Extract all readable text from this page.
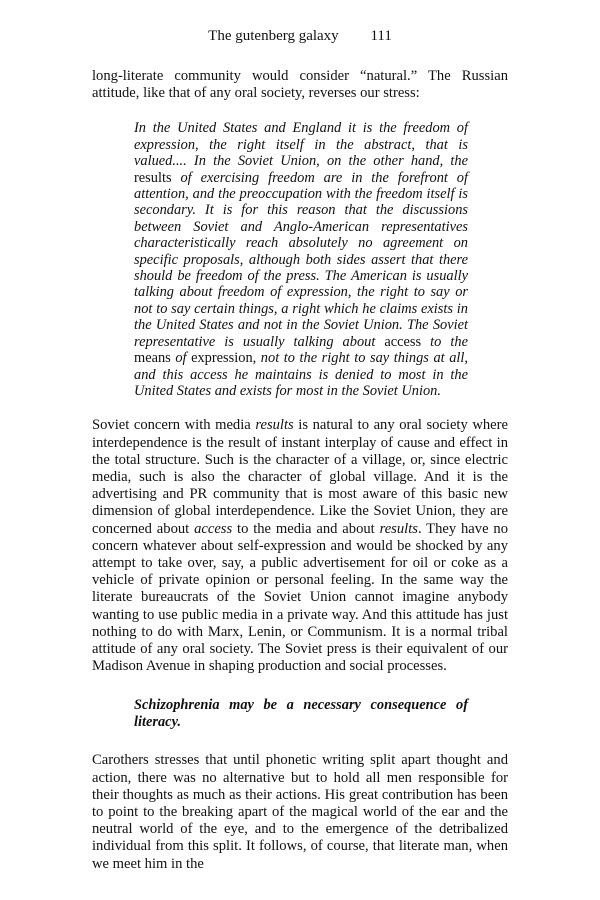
The gutenberg galaxy 111

long-literate community would consider “natural.” The Russian attitude, like that of any oral society, reverses our stress:

In the United States and England it is the freedom of expression, the right itself in the abstract, that is valued.... In the Soviet Union, on the other hand, the results of exercising freedom are in the forefront of attention, and the preoccupation with the freedom itself is secondary. It is for this reason that the discussions between Soviet and Anglo-American representatives characteristically reach absolutely no agreement on specific proposals, although both sides assert that there should be freedom of the press. The American is usually talking about freedom of expression, the right to say or not to say certain things, a right which he claims exists in the United States and not in the Soviet Union. The Soviet representative is usually talking about access to the means of expression, not to the right to say things at all, and this access he maintains is denied to most in the United States and exists for most in the Soviet Union.

Soviet concern with media results is natural to any oral society where interdependence is the result of instant interplay of cause and effect in the total structure. Such is the character of a village, or, since electric media, such is also the character of global village. And it is the advertising and PR community that is most aware of this basic new dimension of global interdependence. Like the Soviet Union, they are concerned about access to the media and about results. They have no concern whatever about self-expression and would be shocked by any attempt to take over, say, a public advertisement for oil or coke as a vehicle of private opinion or personal feeling. In the same way the literate bureaucrats of the Soviet Union cannot imagine anybody wanting to use public media in a private way. And this attitude has just nothing to do with Marx, Lenin, or Communism. It is a normal tribal attitude of any oral society. The Soviet press is their equivalent of our Madison Avenue in shaping production and social processes.

Schizophrenia may be a necessary consequence of literacy.

Carothers stresses that until phonetic writing split apart thought and action, there was no alternative but to hold all men responsible for their thoughts as much as their actions. His great contribution has been to point to the breaking apart of the magical world of the ear and the neutral world of the eye, and to the emergence of the detribalized individual from this split. It follows, of course, that literate man, when we meet him in the
